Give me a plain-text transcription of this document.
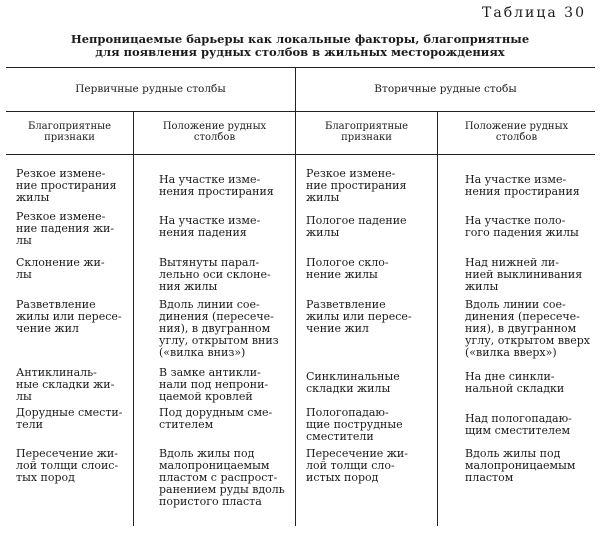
Таблица 30
Непроницаемые барьеры как локальные факторы, благоприятные
для появления рудных столбов в жильных месторождениях
Первичные рудные столбы	Вторичные рудные стобы
Благоприятные
признаки
Положение рудных
столбов
Благоприятные
признаки
Положение рудных
столбов
Резкое измене-
ние простирания
жилы
На участке изме-
нения простирания
Резкое измене-
ние простирания
жилы
На участке изме-
нения простирания
Резкое измене-
ние падения жи-
лы
На участке изме-
нения падения
Пологое падение
жилы
На участке поло-
гого падения жилы
Склонение жи-
лы
Вытянуты парал-
лельно оси склоне-
ния жилы
Пологое скло-
нение жилы
Над нижней ли-
нией выклинивания
жилы
Разветвление
жилы или пересе-
чение жил
Вдоль линии сое-
динения (пересече-
ния), в двугранном
углу, открытом вниз
(«вилка вниз»)
Разветвление
жилы или пересе-
чение жил
Вдоль линии сое-
динения (пересече-
ния), в двугранном
углу, открытом вверх
(«вилка вверх»)
Антиклиналь-
ные складки жи-
лы
В замке антикли-
нали под непрони-
цаемой кровлей
Синклинальные
складки жилы
На дне синкли-
нальной складки
Дорудные смести-
тели
Под дорудным сме-
стителем
Пологопадаю-
щие пострудные
сместители
Над пологопадаю-
щим сместителем
Пересечение жи-
лой толщи слоис-
тых пород
Вдоль жилы под
малопроницаемым
пластом с распрост-
ранением руды вдоль
пористого пласта
Пересечение жи-
лой толщи сло-
истых пород
Вдоль жилы под
малопроницаемым
пластом
